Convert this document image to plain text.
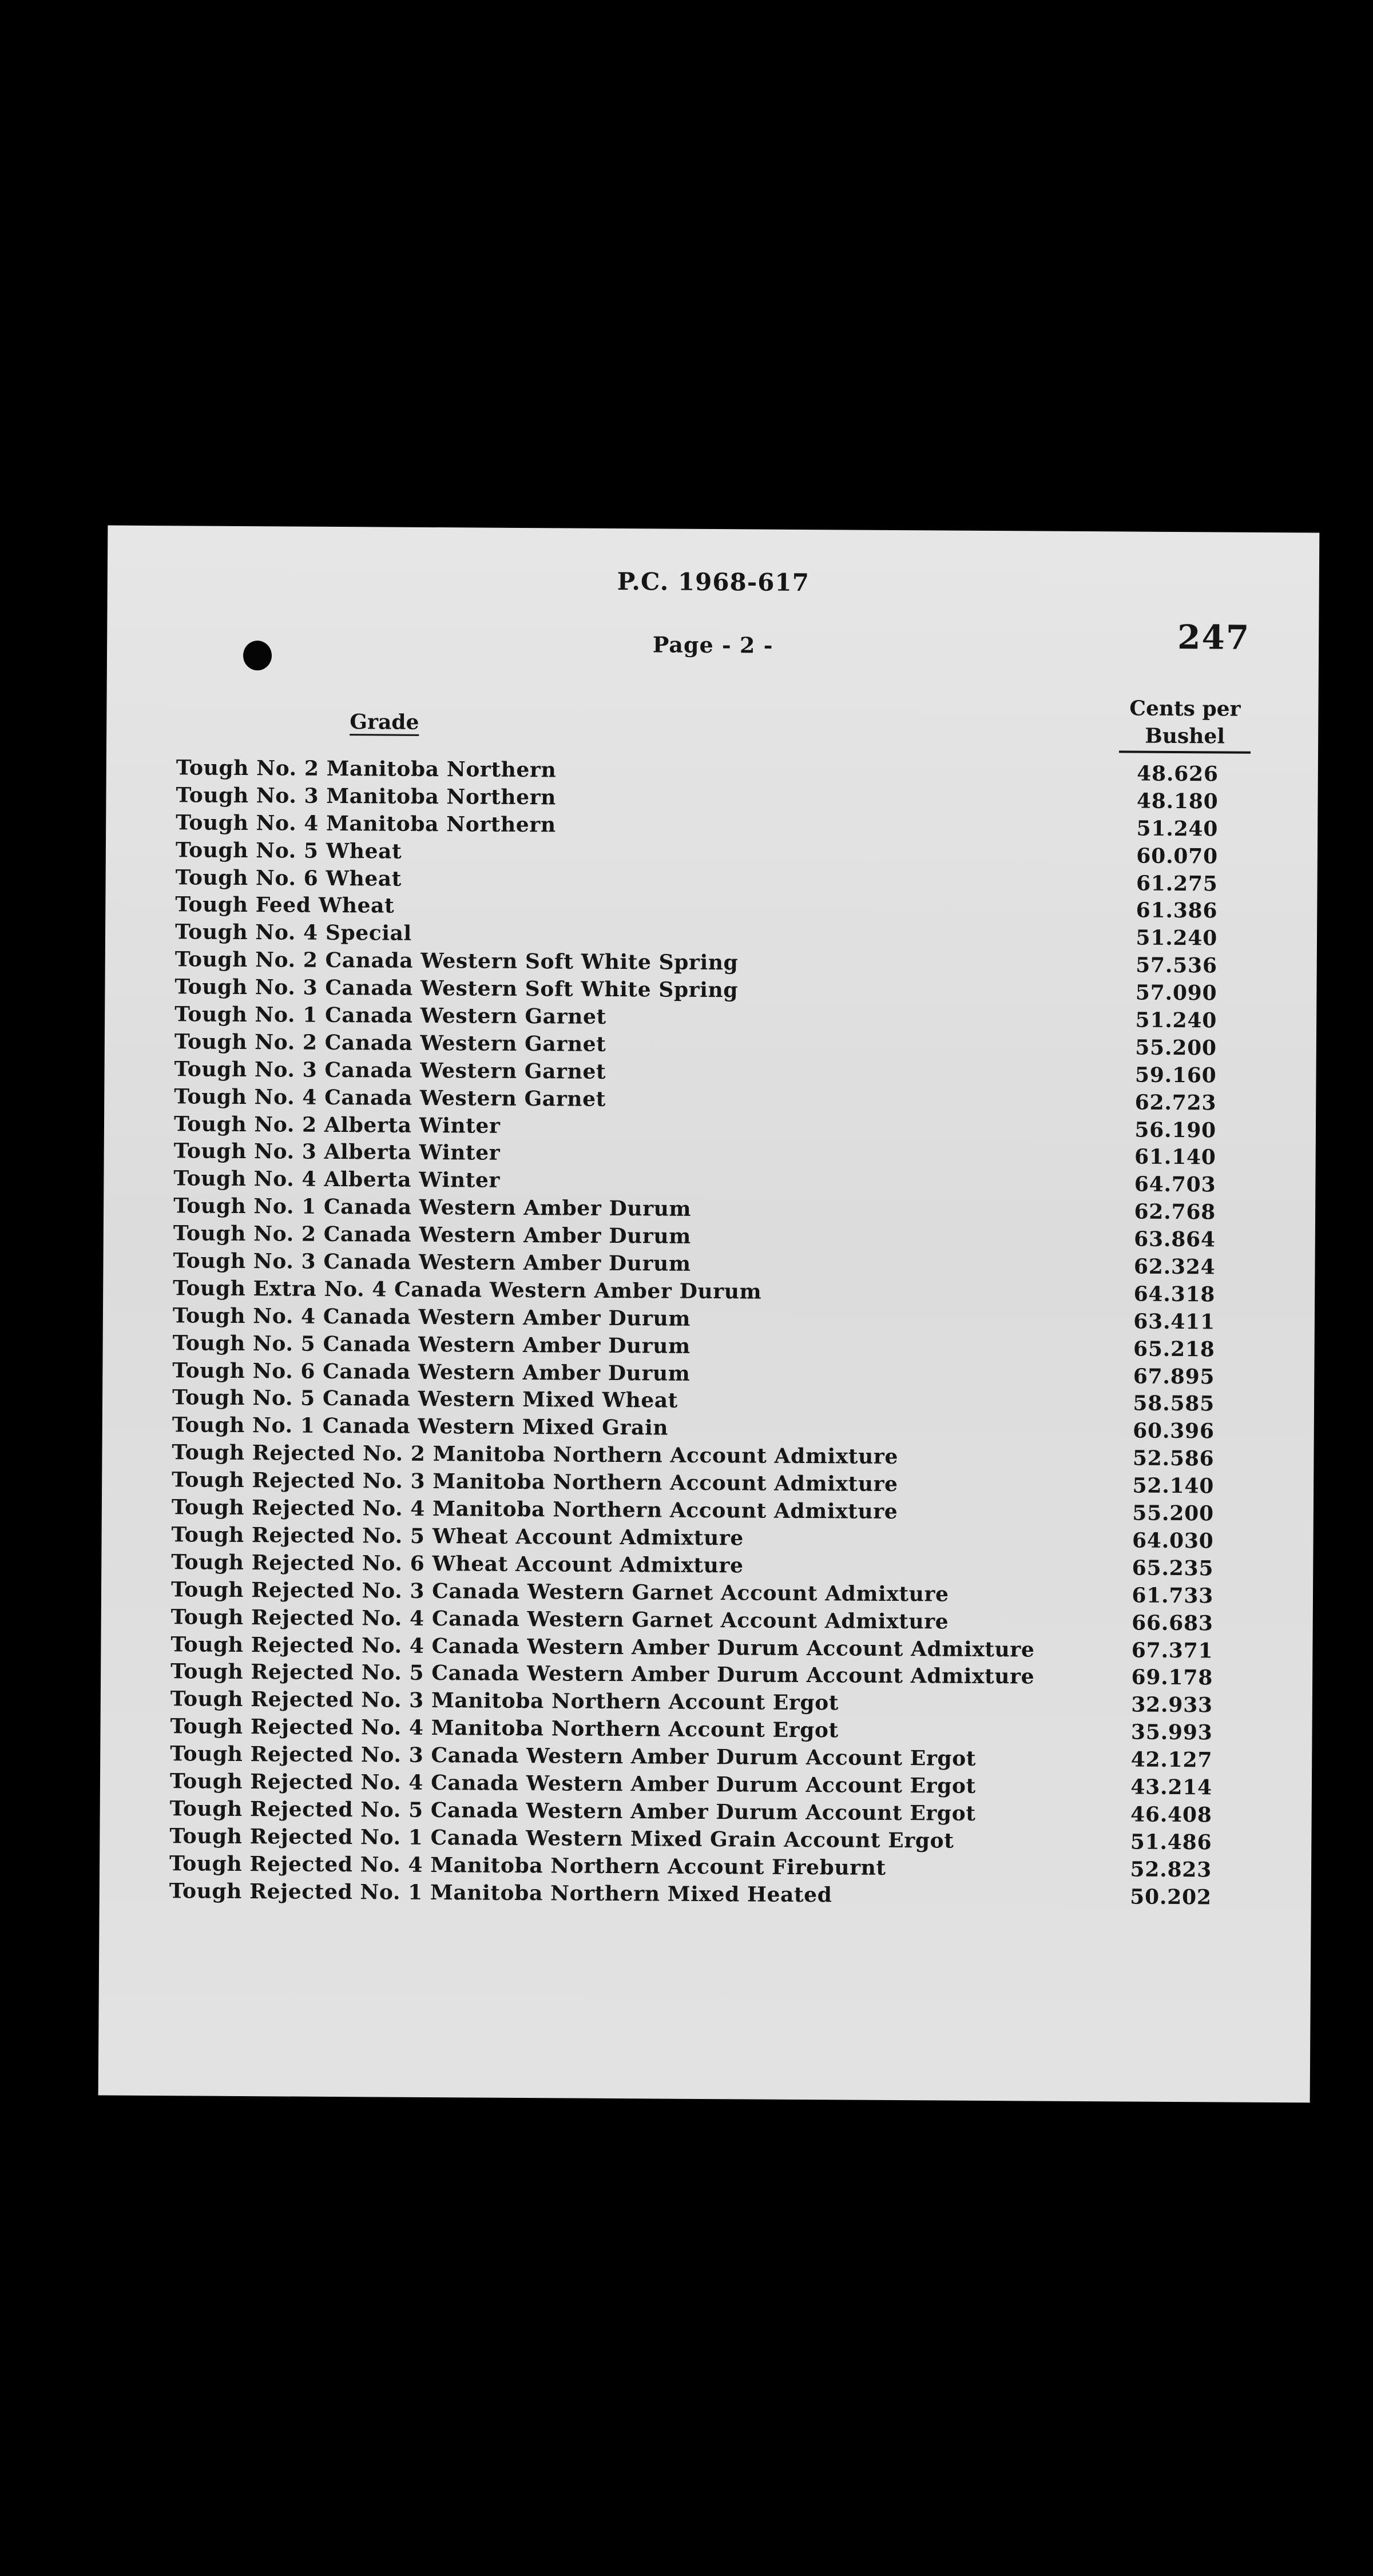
P.C. 1968-617
247
Page - 2 -
Grade
Cents per

Bushel
Tough No. 2 Manitoba Northern	48.626
Tough No. 3 Manitoba Northern	48.180
Tough No. 4 Manitoba Northern	51.240
Tough No. 5 Wheat	60.070
Tough No. 6 Wheat	61.275
Tough Feed Wheat	61.386
Tough No. 4 Special	51.240
Tough No. 2 Canada Western Soft White Spring	57.536
Tough No. 3 Canada Western Soft White Spring	57.090
Tough No. 1 Canada Western Garnet	51.240
Tough No. 2 Canada Western Garnet	55.200
Tough No. 3 Canada Western Garnet	59.160
Tough No. 4 Canada Western Garnet	62.723
Tough No. 2 Alberta Winter	56.190
Tough No. 3 Alberta Winter	61.140
Tough No. 4 Alberta Winter	64.703
Tough No. 1 Canada Western Amber Durum	62.768
Tough No. 2 Canada Western Amber Durum	63.864
Tough No. 3 Canada Western Amber Durum	62.324
Tough Extra No. 4 Canada Western Amber Durum	64.318
Tough No. 4 Canada Western Amber Durum	63.411
Tough No. 5 Canada Western Amber Durum	65.218
Tough No. 6 Canada Western Amber Durum	67.895
Tough No. 5 Canada Western Mixed Wheat	58.585
Tough No. 1 Canada Western Mixed Grain	60.396
Tough Rejected No. 2 Manitoba Northern Account Admixture	52.586
Tough Rejected No. 3 Manitoba Northern Account Admixture	52.140
Tough Rejected No. 4 Manitoba Northern Account Admixture	55.200
Tough Rejected No. 5 Wheat Account Admixture	64.030
Tough Rejected No. 6 Wheat Account Admixture	65.235
Tough Rejected No. 3 Canada Western Garnet Account Admixture	61.733
Tough Rejected No. 4 Canada Western Garnet Account Admixture	66.683
Tough Rejected No. 4 Canada Western Amber Durum Account Admixture	67.371
Tough Rejected No. 5 Canada Western Amber Durum Account Admixture	69.178
Tough Rejected No. 3 Manitoba Northern Account Ergot	32.933
Tough Rejected No. 4 Manitoba Northern Account Ergot	35.993
Tough Rejected No. 3 Canada Western Amber Durum Account Ergot	42.127
Tough Rejected No. 4 Canada Western Amber Durum Account Ergot	43.214
Tough Rejected No. 5 Canada Western Amber Durum Account Ergot	46.408
Tough Rejected No. 1 Canada Western Mixed Grain Account Ergot	51.486
Tough Rejected No. 4 Manitoba Northern Account Fireburnt	52.823
Tough Rejected No. 1 Manitoba Northern Mixed Heated	50.202
